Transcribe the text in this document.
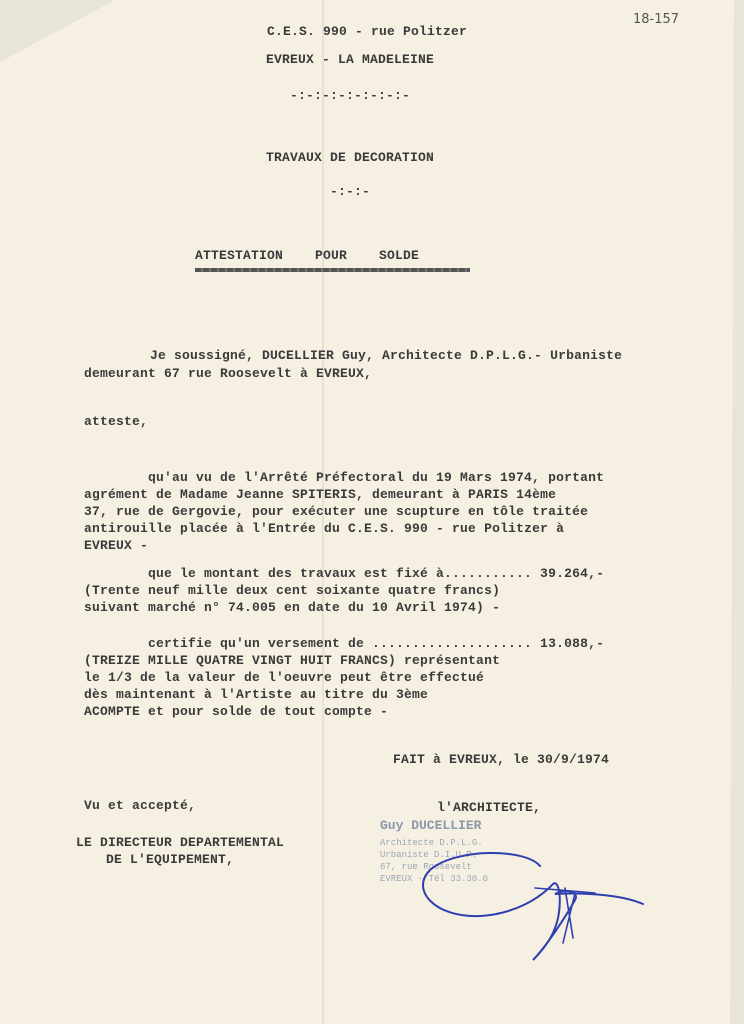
18-157
C.E.S. 990 - rue Politzer
EVREUX - LA MADELEINE
-:-:-:-:-:-:-:-
TRAVAUX DE DECORATION
-:-:-
ATTESTATION    POUR    SOLDE
Je soussigné, DUCELLIER Guy, Architecte D.P.L.G.- Urbaniste
demeurant 67 rue Roosevelt à EVREUX,
atteste,
qu'au vu de l'Arrêté Préfectoral du 19 Mars 1974, portant
agrément de Madame Jeanne SPITERIS, demeurant à PARIS 14ème
37, rue de Gergovie, pour exécuter une scupture en tôle traitée
antirouille placée à l'Entrée du C.E.S. 990 - rue Politzer à
EVREUX -
que le montant des travaux est fixé à........... 39.264,-
(Trente neuf mille deux cent soixante quatre francs)
suivant marché n° 74.005 en date du 10 Avril 1974) -
certifie qu'un versement de .................... 13.088,-
(TREIZE MILLE QUATRE VINGT HUIT FRANCS) représentant
le 1/3 de la valeur de l'oeuvre peut être effectué
dès maintenant à l'Artiste au titre du 3ème
ACOMPTE et pour solde de tout compte -
FAIT à EVREUX, le 30/9/1974
Vu et accepté,	l'ARCHITECTE,
LE DIRECTEUR DEPARTEMENTAL
DE L'EQUIPEMENT,
Guy DUCELLIER
Architecte D.P.L.G.
Urbaniste D.I.U.P.
67, rue Roosevelt
EVREUX - Tél 33.30.0
